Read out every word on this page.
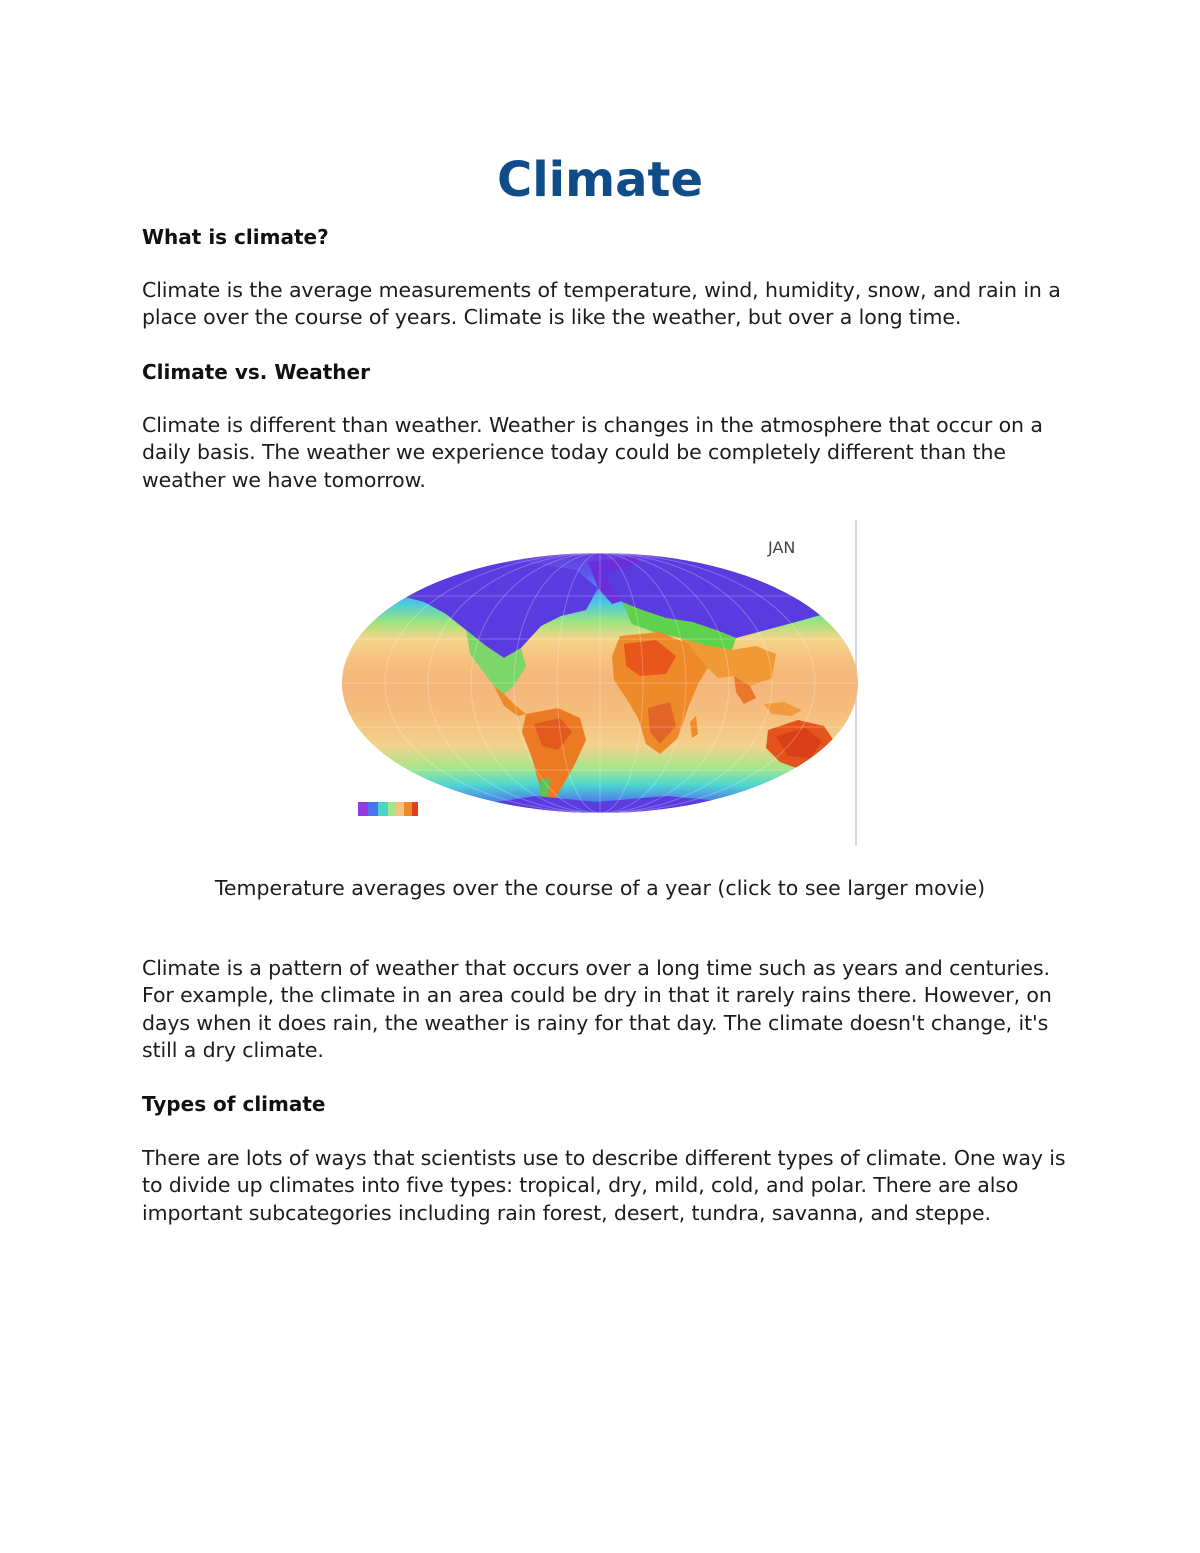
Climate
What is climate?

Climate is the average measurements of temperature, wind, humidity, snow, and rain in a place over the course of years. Climate is like the weather, but over a long time.

Climate vs. Weather

Climate is different than weather. Weather is changes in the atmosphere that occur on a daily basis. The weather we experience today could be completely different than the weather we have tomorrow.

JAN

Temperature averages over the course of a year (click to see larger movie)

Climate is a pattern of weather that occurs over a long time such as years and centuries. For example, the climate in an area could be dry in that it rarely rains there. However, on days when it does rain, the weather is rainy for that day. The climate doesn't change, it's still a dry climate.

Types of climate

There are lots of ways that scientists use to describe different types of climate. One way is to divide up climates into five types: tropical, dry, mild, cold, and polar. There are also important subcategories including rain forest, desert, tundra, savanna, and steppe.
